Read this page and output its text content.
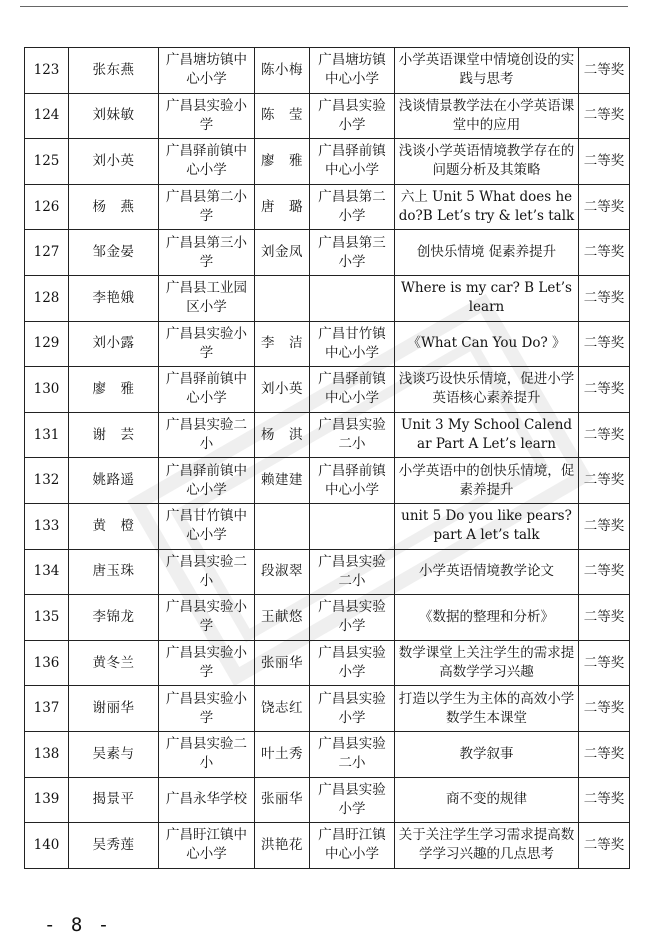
123	张东燕	广昌塘坊镇中心小学	陈小梅	广昌塘坊镇中心小学	小学英语课堂中情境创设的实践与思考	二等奖
124	刘妹敏	广昌县实验小学	陈　莹	广昌县实验小学	浅谈情景教学法在小学英语课堂中的应用	二等奖
125	刘小英	广昌驿前镇中心小学	廖　雅	广昌驿前镇中心小学	浅谈小学英语情境教学存在的问题分析及其策略	二等奖
126	杨　燕	广昌县第二小学	唐　璐	广昌县第二小学	六上 Unit 5 What does he do?B Let’s try & let’s talk	二等奖
127	邹金晏	广昌县第三小学	刘金凤	广昌县第三小学	创快乐情境 促素养提升	二等奖
128	李艳娥	广昌县工业园区小学			Where is my car? B Let’s learn	二等奖
129	刘小露	广昌县实验小学	李　洁	广昌甘竹镇中心小学	《What Can You Do? 》	二等奖
130	廖　雅	广昌驿前镇中心小学	刘小英	广昌驿前镇中心小学	浅谈巧设快乐情境，促进小学英语核心素养提升	二等奖
131	谢　芸	广昌县实验二小	杨　淇	广昌县实验二小	Unit 3 My School Calendar Part A Let’s learn	二等奖
132	姚路遥	广昌驿前镇中心小学	赖建建	广昌驿前镇中心小学	小学英语中的创快乐情境，促素养提升	二等奖
133	黄　橙	广昌甘竹镇中心小学			unit 5 Do you like pears?part A let’s talk	二等奖
134	唐玉珠	广昌县实验二小	段淑翠	广昌县实验二小	小学英语情境教学论文	二等奖
135	李锦龙	广昌县实验小学	王献悠	广昌县实验小学	《数据的整理和分析》	二等奖
136	黄冬兰	广昌县实验小学	张丽华	广昌县实验小学	数学课堂上关注学生的需求提高数学学习兴趣	二等奖
137	谢丽华	广昌县实验小学	饶志红	广昌县实验小学	打造以学生为主体的高效小学数学生本课堂	二等奖
138	吴素与	广昌县实验二小	叶土秀	广昌县实验二小	教学叙事	二等奖
139	揭景平	广昌永华学校	张丽华	广昌县实验小学	商不变的规律	二等奖
140	吴秀莲	广昌盱江镇中心小学	洪艳花	广昌盱江镇中心小学	关于关注学生学习需求提高数学学习兴趣的几点思考	二等奖
- 8 -
